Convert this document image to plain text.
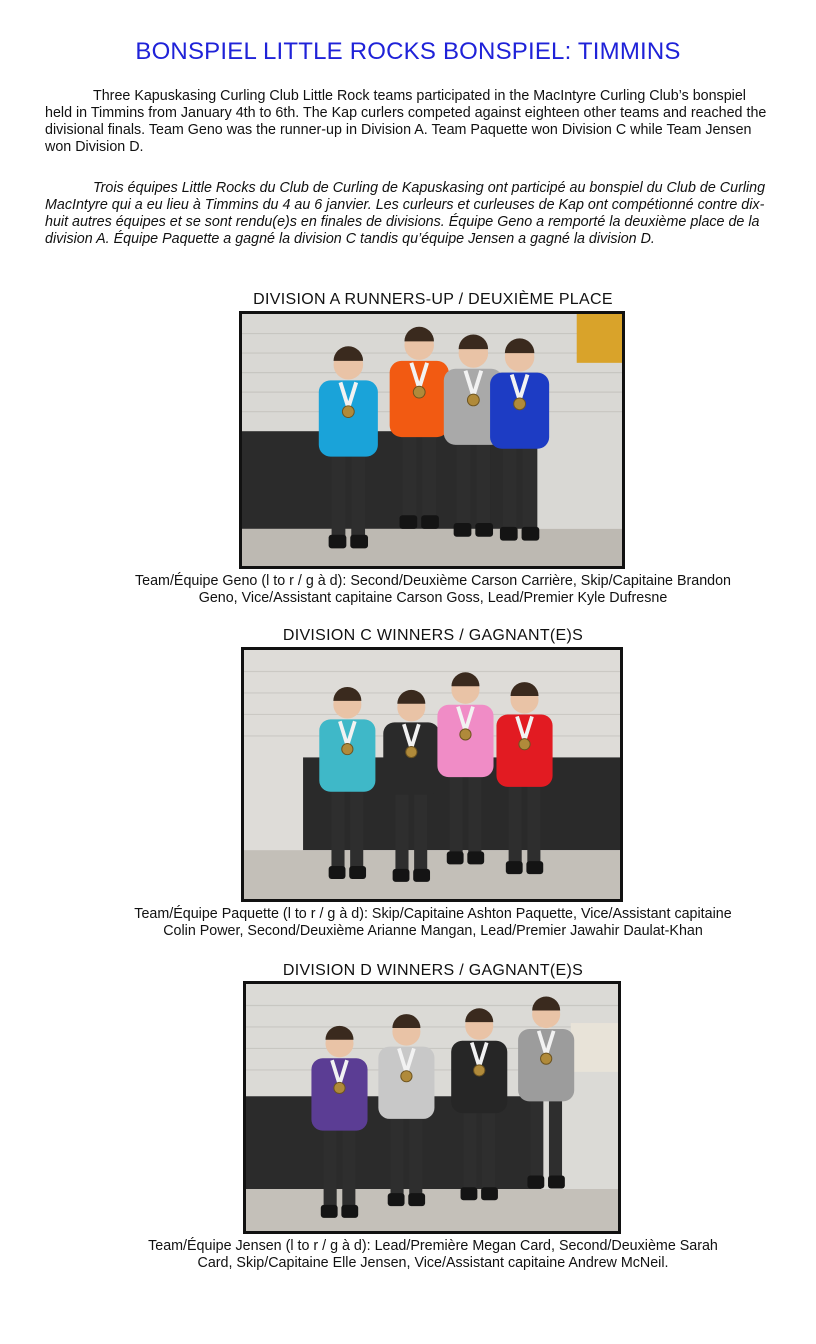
BONSPIEL LITTLE ROCKS BONSPIEL: TIMMINS

Three Kapuskasing Curling Club Little Rock teams participated in the MacIntyre Curling Club’s bonspiel held in Timmins from January 4th to 6th. The Kap curlers competed against eighteen other teams and reached the divisional finals. Team Geno was the runner-up in Division A. Team Paquette won Division C while Team Jensen won Division D.

Trois équipes Little Rocks du Club de Curling de Kapuskasing ont participé au bonspiel du Club de Curling MacIntyre qui a eu lieu à Timmins du 4 au 6 janvier. Les curleurs et curleuses de Kap ont compétionné contre dix-huit autres équipes et se sont rendu(e)s en finales de divisions. Équipe Geno a remporté la deuxième place de la division A. Équipe Paquette a gagné la division C tandis qu’équipe Jensen a gagné la division D.

DIVISION A RUNNERS-UP / DEUXIÈME PLACE
Team/Équipe Geno (l to r / g à d): Second/Deuxième Carson Carrière, Skip/Capitaine Brandon
Geno, Vice/Assistant capitaine Carson Goss, Lead/Premier Kyle Dufresne
DIVISION C WINNERS / GAGNANT(E)S
Team/Équipe Paquette (l to r / g à d): Skip/Capitaine Ashton Paquette, Vice/Assistant capitaine
Colin Power, Second/Deuxième Arianne Mangan, Lead/Premier Jawahir Daulat-Khan
DIVISION D WINNERS / GAGNANT(E)S
Team/Équipe Jensen (l to r / g à d): Lead/Première Megan Card, Second/Deuxième Sarah
Card, Skip/Capitaine Elle Jensen, Vice/Assistant capitaine Andrew McNeil.
